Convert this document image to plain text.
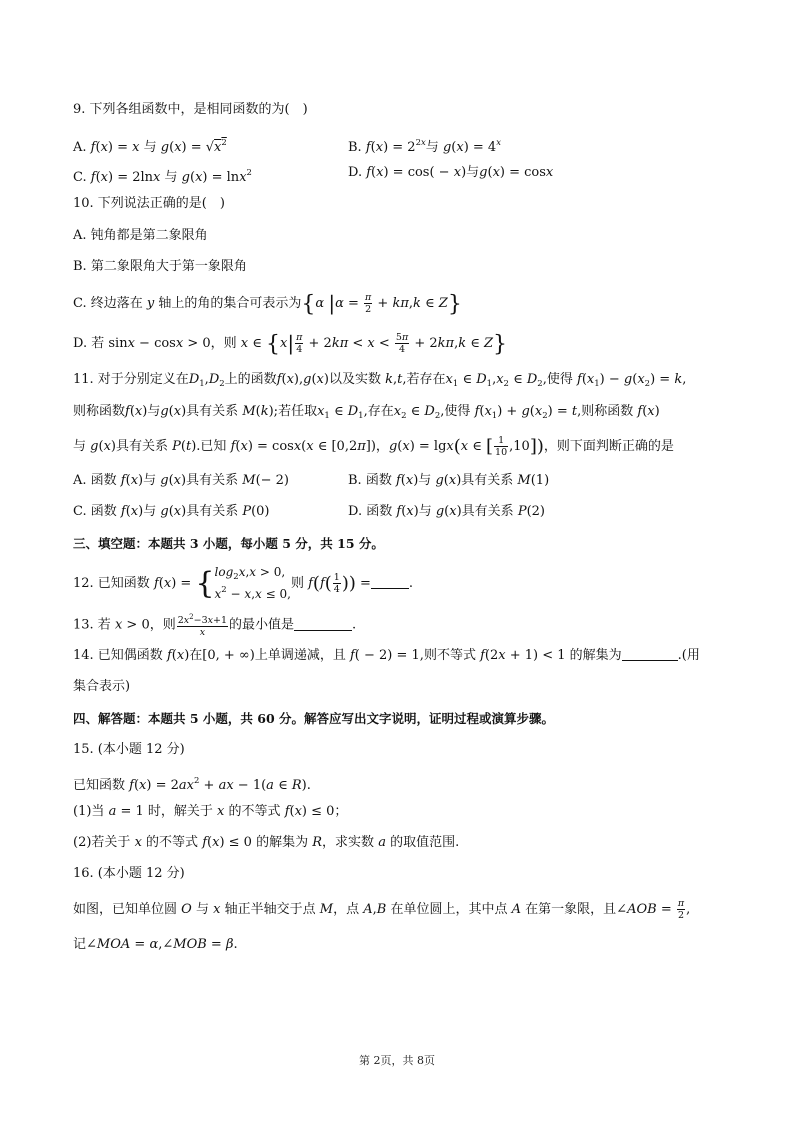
9. 下列各组函数中，是相同函数的为( )
A. f(x) = x 与 $g(x) = √x^2$	B. $f(x) = 2^{2x}$与 $g(x) = 4^x$
C. f(x) = 2lnx 与 g(x) = lnx$^2$	D. f(x) = cos( − x)与g(x) = cosx
10. 下列说法正确的是( )
A. 钝角都是第二象限角
B. 第二象限角大于第一象限角
C. 终边落在 y 轴上的角的集合可表示为{α $|\alpha = \frac{\pi}{2} + k\pi,k$ ∈ Z}
D. 若 sinx − cosx > 0，则 x ∈ {$x| \frac{\pi}{4} + 2k\pi < x < \frac{5\pi}{4} + 2k\pi,k$ ∈ Z}
11. 对于分别定义在$D_1,D_2$上的函数f(x),g(x)以及实数 k,t,若存在$x_1$ ∈ $D_1,x_2$ ∈ $D_2$,使得 $f(x_1) - g(x_2) = k$,
则称函数f(x)与g(x)具有关系 M(k);若任取$x_1$ ∈ $D_1$,存在$x_2$ ∈ $D_2$,使得 $f(x_1) + g(x_2) = t$,则称函数 f(x)
与 g(x)具有关系 P(t).已知 f(x) = cosx(x ∈ [0,2π])，g(x) = lgx(x ∈ [ $\frac{1}{10} ,10$])，则下面判断正确的是
A. 函数 f(x)与 g(x)具有关系 M(− 2)	B. 函数 f(x)与 g(x)具有关系 M(1)
C. 函数 f(x)与 g(x)具有关系 P(0)	D. 函数 f(x)与 g(x)具有关系 P(2)
三、填空题：本题共 3 小题，每小题 5 分，共 15 分。
12. 已知函数 f(x) = { $\log_2x,x > 0$,
$x^2 - x,x \le 0$,
则 $f(f( \frac{1}{4}$ )) =	.
13. 若 x > 0，则 $\frac{2x^2-3x+1}{x}$ 的最小值是	.
14. 已知偶函数 f(x)在[0, + ∞)上单调递减，且 f( − 2) = 1,则不等式 f(2x + 1) < 1 的解集为	.(用
集合表示)
四、解答题：本题共 5 小题，共 60 分。解答应写出文字说明，证明过程或演算步骤。
15. (本小题 12 分)
已知函数 $f(x) = 2ax^2$ + ax − 1(a ∈ R).
(1)当 a = 1 时，解关于 x 的不等式 f(x) ≤ 0；
(2)若关于 x 的不等式 f(x) ≤ 0 的解集为 R，求实数 a 的取值范围.
16. (本小题 12 分)
如图，已知单位圆 O 与 x 轴正半轴交于点 M，点 A,B 在单位圆上，其中点 A 在第一象限，且∠AOB = $\frac{\pi}{2}$ ,
记∠MOA = α,∠MOB = β.
第 2页，共 8页
